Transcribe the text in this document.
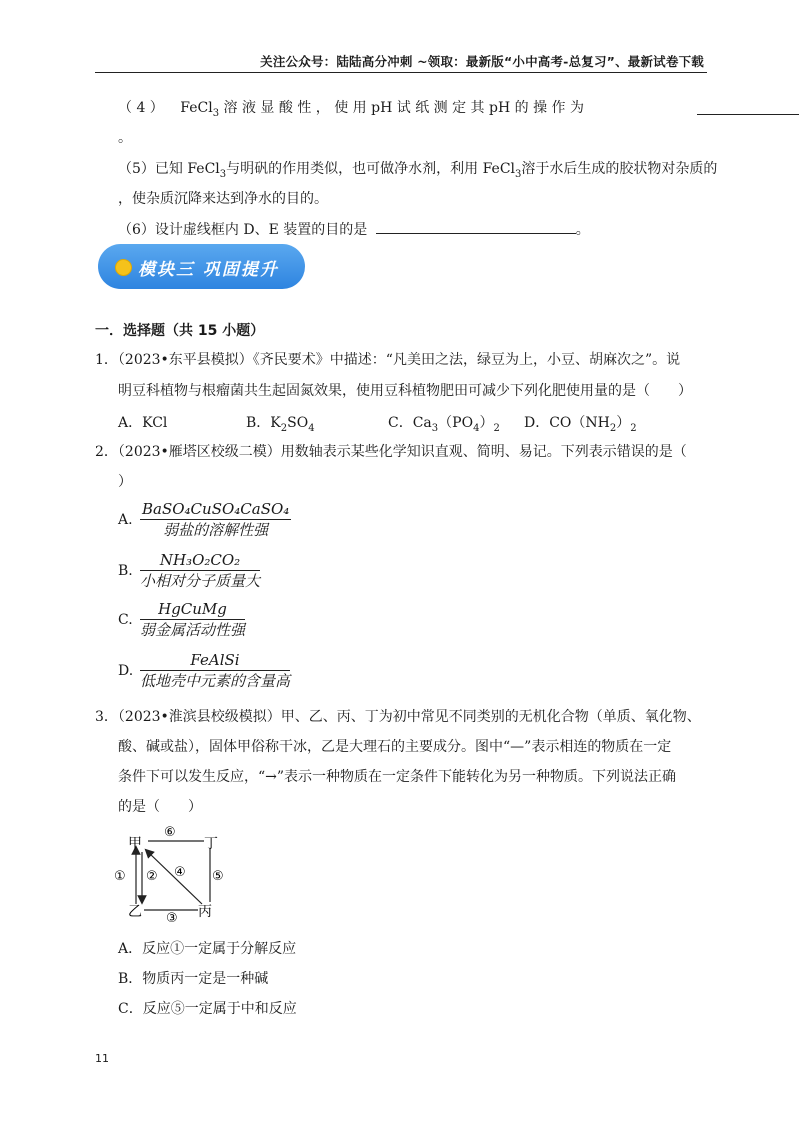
关注公众号：陆陆高分冲刺 ~领取：最新版“小中高考-总复习”、最新试卷下载
（ 4 ） FeCl$_3$ 溶 液 显 酸 性 ， 使 用 pH 试 纸 测 定 其 pH 的 操 作 为
。
（5）已知 FeCl$_3$与明矾的作用类似，也可做净水剂，利用 FeCl$_3$溶于水后生成的胶状物对杂质的
，使杂质沉降来达到净水的目的。
（6）设计虚线框内 D、E 装置的目的是	。
模块三 巩固提升
一．选择题（共 15 小题）
1．（2023•东平县模拟）《齐民要术》中描述：“凡美田之法，绿豆为上，小豆、胡麻次之”。说
明豆科植物与根瘤菌共生起固氮效果，使用豆科植物肥田可减少下列化肥使用量的是（　　）
A．KCl	B．$K_2SO_4$	C．$Ca_3(PO_4)_2$ D．$CO(NH_2)_2$
2．（2023•雁塔区校级二模）用数轴表示某些化学知识直观、简明、易记。下列表示错误的是（
）
A.
BaSO₄CuSO₄CaSO₄
弱盐的溶解性强
B.
NH₃O₂CO₂
小相对分子质量大
C.
HgCuMg
弱金属活动性强
D.
FeAlSi
低地壳中元素的含量高
3．（2023•淮滨县校级模拟）甲、乙、丙、丁为初中常见不同类别的无机化合物（单质、氧化物、
酸、碱或盐），固体甲俗称干冰，乙是大理石的主要成分。图中“—”表示相连的物质在一定
条件下可以发生反应，“→”表示一种物质在一定条件下能转化为另一种物质。下列说法正确
的是（　　）
甲	丁
乙	丙
① ②
③
④ ⑤
⑥
A．反应①一定属于分解反应
B．物质丙一定是一种碱
C．反应⑤一定属于中和反应
11
